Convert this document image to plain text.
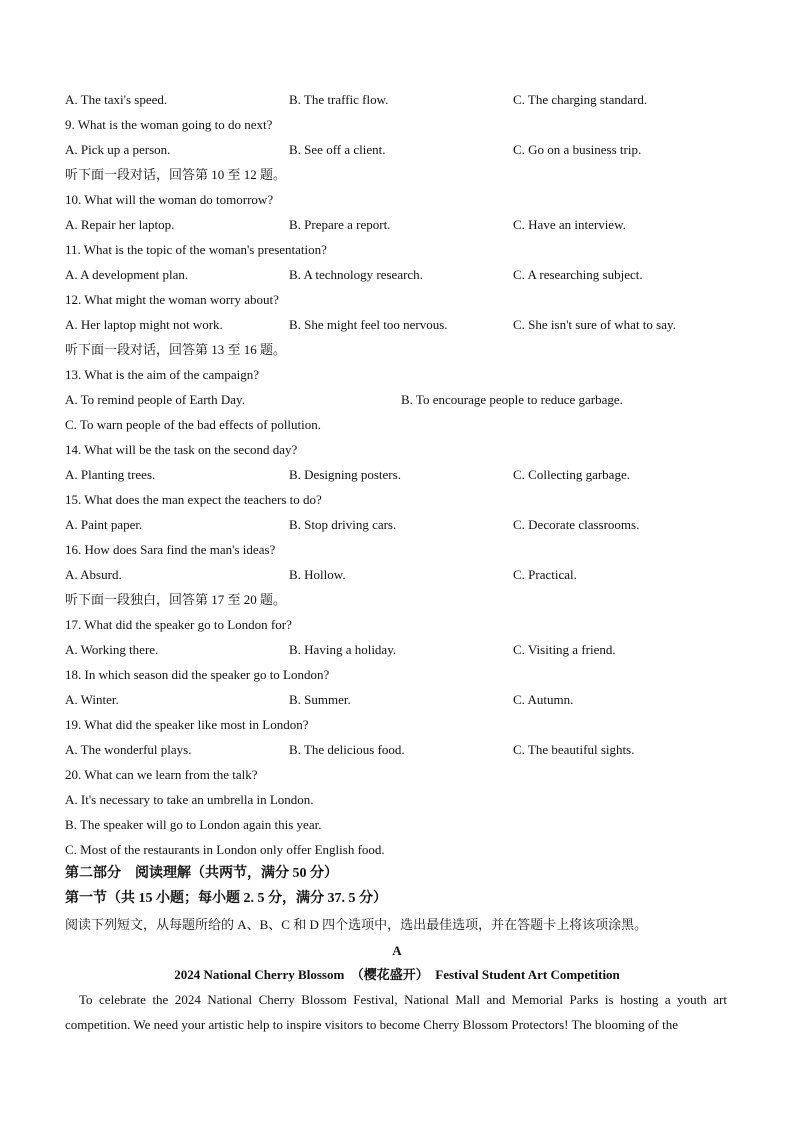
A. The taxi's speed.	B. The traffic flow.	C. The charging standard.
9. What is the woman going to do next?
A. Pick up a person.	B. See off a client.	C. Go on a business trip.
听下面一段对话，回答第 10 至 12 题。
10. What will the woman do tomorrow?
A. Repair her laptop.	B. Prepare a report.	C. Have an interview.
11. What is the topic of the woman's presentation?
A. A development plan.	B. A technology research.	C. A researching subject.
12. What might the woman worry about?
A. Her laptop might not work.	B. She might feel too nervous.	C. She isn't sure of what to say.
听下面一段对话，回答第 13 至 16 题。
13. What is the aim of the campaign?
A. To remind people of Earth Day.	B. To encourage people to reduce garbage.
C. To warn people of the bad effects of pollution.
14. What will be the task on the second day?
A. Planting trees.	B. Designing posters.	C. Collecting garbage.
15. What does the man expect the teachers to do?
A. Paint paper.	B. Stop driving cars.	C. Decorate classrooms.
16. How does Sara find the man's ideas?
A. Absurd.	B. Hollow.	C. Practical.
听下面一段独白，回答第 17 至 20 题。
17. What did the speaker go to London for?
A. Working there.	B. Having a holiday.	C. Visiting a friend.
18. In which season did the speaker go to London?
A. Winter.	B. Summer.	C. Autumn.
19. What did the speaker like most in London?
A. The wonderful plays.	B. The delicious food.	C. The beautiful sights.
20. What can we learn from the talk?
A. It's necessary to take an umbrella in London.
B. The speaker will go to London again this year.
C. Most of the restaurants in London only offer English food.
第二部分　阅读理解（共两节，满分 50 分）
第一节（共 15 小题；每小题 2. 5 分，满分 37. 5 分）
阅读下列短文，从每题所给的 A、B、C 和 D 四个选项中，选出最佳选项，并在答题卡上将该项涂黑。
A
2024 National Cherry Blossom　（樱花盛开）　Festival Student Art Competition
To celebrate the 2024 National Cherry Blossom Festival, National Mall and Memorial Parks is hosting a youth art competition. We need your artistic help to inspire visitors to become Cherry Blossom Protectors! The blooming of the
